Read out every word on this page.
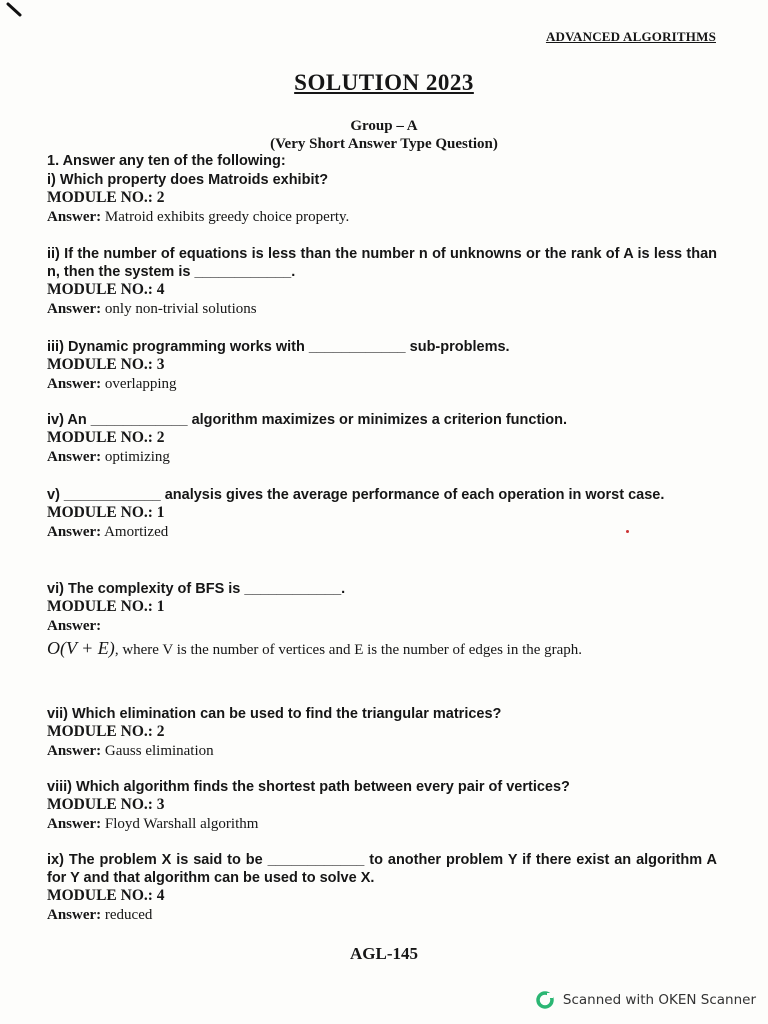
ADVANCED ALGORITHMS
SOLUTION 2023
Group – A
(Very Short Answer Type Question)
1. Answer any ten of the following:
i) Which property does Matroids exhibit?
MODULE NO.: 2
Answer: Matroid exhibits greedy choice property.
ii) If the number of equations is less than the number n of unknowns or the rank of A is less than n, then the system is ____________.
MODULE NO.: 4
Answer: only non-trivial solutions
iii) Dynamic programming works with ____________ sub-problems.
MODULE NO.: 3
Answer: overlapping
iv) An ____________ algorithm maximizes or minimizes a criterion function.
MODULE NO.: 2
Answer: optimizing
v) ____________ analysis gives the average performance of each operation in worst case.
MODULE NO.: 1
Answer: Amortized
vi) The complexity of BFS is ____________.
MODULE NO.: 1
Answer:
O(V + E), where V is the number of vertices and E is the number of edges in the graph.
vii) Which elimination can be used to find the triangular matrices?
MODULE NO.: 2
Answer: Gauss elimination
viii) Which algorithm finds the shortest path between every pair of vertices?
MODULE NO.: 3
Answer: Floyd Warshall algorithm
ix) The problem X is said to be ____________ to another problem Y if there exist an algorithm A for Y and that algorithm can be used to solve X.
MODULE NO.: 4
Answer: reduced
AGL-145
Scanned with OKEN Scanner
